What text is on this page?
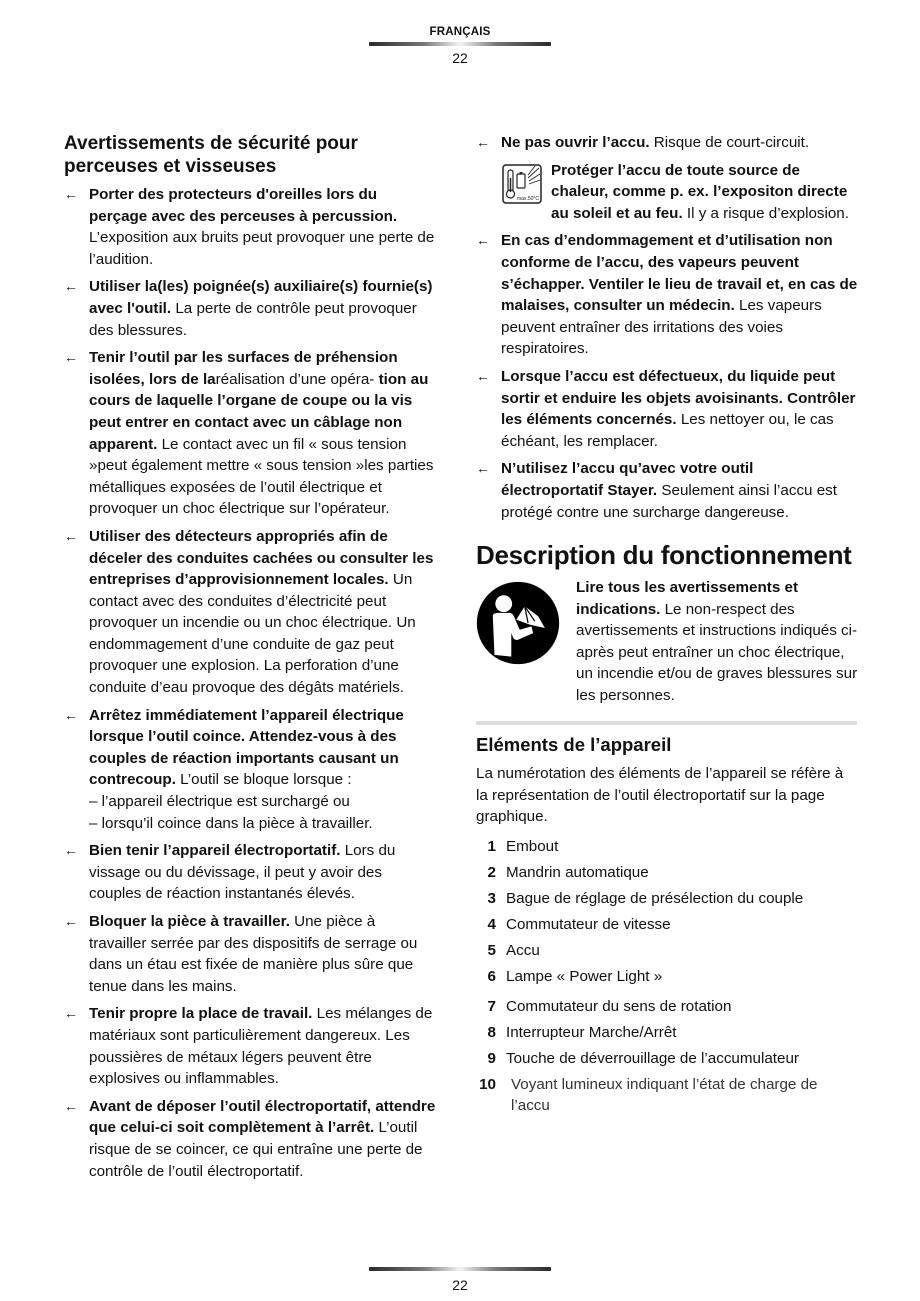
FRANÇAIS
22
Avertissements de sécurité pour perceuses et visseuses
← Porter des protecteurs d'oreilles lors du perçage avec des perceuses à percussion. L’exposition aux bruits peut provoquer une perte de l’audition.
← Utiliser la(les) poignée(s) auxiliaire(s) fournie(s) avec l'outil. La perte de contrôle peut provoquer des blessures.
← Tenir l’outil par les surfaces de préhension isolées, lors de laréalisation d’une opéra- tion au cours de laquelle l’organe de coupe ou la vis peut entrer en contact avec un câblage non apparent. Le contact avec un fil « sous tension »peut également mettre « sous tension »les parties métalliques exposées de l’outil électrique et provoquer un choc électrique sur l’opérateur.
← Utiliser des détecteurs appropriés afin de déceler des conduites cachées ou consulter les entreprises d’approvisionnement locales. Un contact avec des conduites d’électricité peut provoquer un incendie ou un choc électrique. Un endommagement d’une conduite de gaz peut provoquer une explosion. La perforation d’une conduite d’eau provoque des dégâts matériels.
← Arrêtez immédiatement l’appareil électrique lorsque l’outil coince. Attendez-vous à des couples de réaction importants causant un contrecoup. L’outil se bloque lorsque :
– l’appareil électrique est surchargé ou
– lorsqu’il coince dans la pièce à travailler.
← Bien tenir l’appareil électroportatif. Lors du vissage ou du dévissage, il peut y avoir des couples de réaction instantanés élevés.
← Bloquer la pièce à travailler. Une pièce à travailler serrée par des dispositifs de serrage ou dans un étau est fixée de manière plus sûre que tenue dans les mains.
← Tenir propre la place de travail. Les mélanges de matériaux sont particulièrement dangereux. Les poussières de métaux légers peuvent être explosives ou inflammables.
← Avant de déposer l’outil électroportatif, attendre que celui-ci soit complètement à l’arrêt. L’outil risque de se coincer, ce qui entraîne une perte de contrôle de l’outil électroportatif.
← Ne pas ouvrir l’accu. Risque de court-circuit.
max.50°C
Protéger l’accu de toute source de chaleur, comme p. ex. l’expositon directe au soleil et au feu. Il y a risque d’explosion.
← En cas d’endommagement et d’utilisation non conforme de l’accu, des vapeurs peuvent s’échapper. Ventiler le lieu de travail et, en cas de malaises, consulter un médecin. Les vapeurs peuvent entraîner des irritations des voies respiratoires.
← Lorsque l’accu est défectueux, du liquide peut sortir et enduire les objets avoisinants. Contrôler les éléments concernés. Les nettoyer ou, le cas échéant, les remplacer.
← N’utilisez l’accu qu’avec votre outil électroportatif Stayer. Seulement ainsi l’accu est protégé contre une surcharge dangereuse.
Description du fonctionnement
Lire tous les avertissements et indications. Le non-respect des avertissements et instructions indiqués ci-après peut entraîner un choc électrique, un incendie et/ou de graves blessures sur les personnes.
Eléments de l’appareil
La numérotation des éléments de l’appareil se réfère à la représentation de l’outil électroportatif sur la page graphique.
1 Embout
2 Mandrin automatique
3 Bague de réglage de présélection du couple
4 Commutateur de vitesse
5 Accu
6 Lampe « Power Light »
7 Commutateur du sens de rotation
8 Interrupteur Marche/Arrêt
9 Touche de déverrouillage de l’accumulateur
10 Voyant lumineux indiquant l’état de charge de l’accu
22
